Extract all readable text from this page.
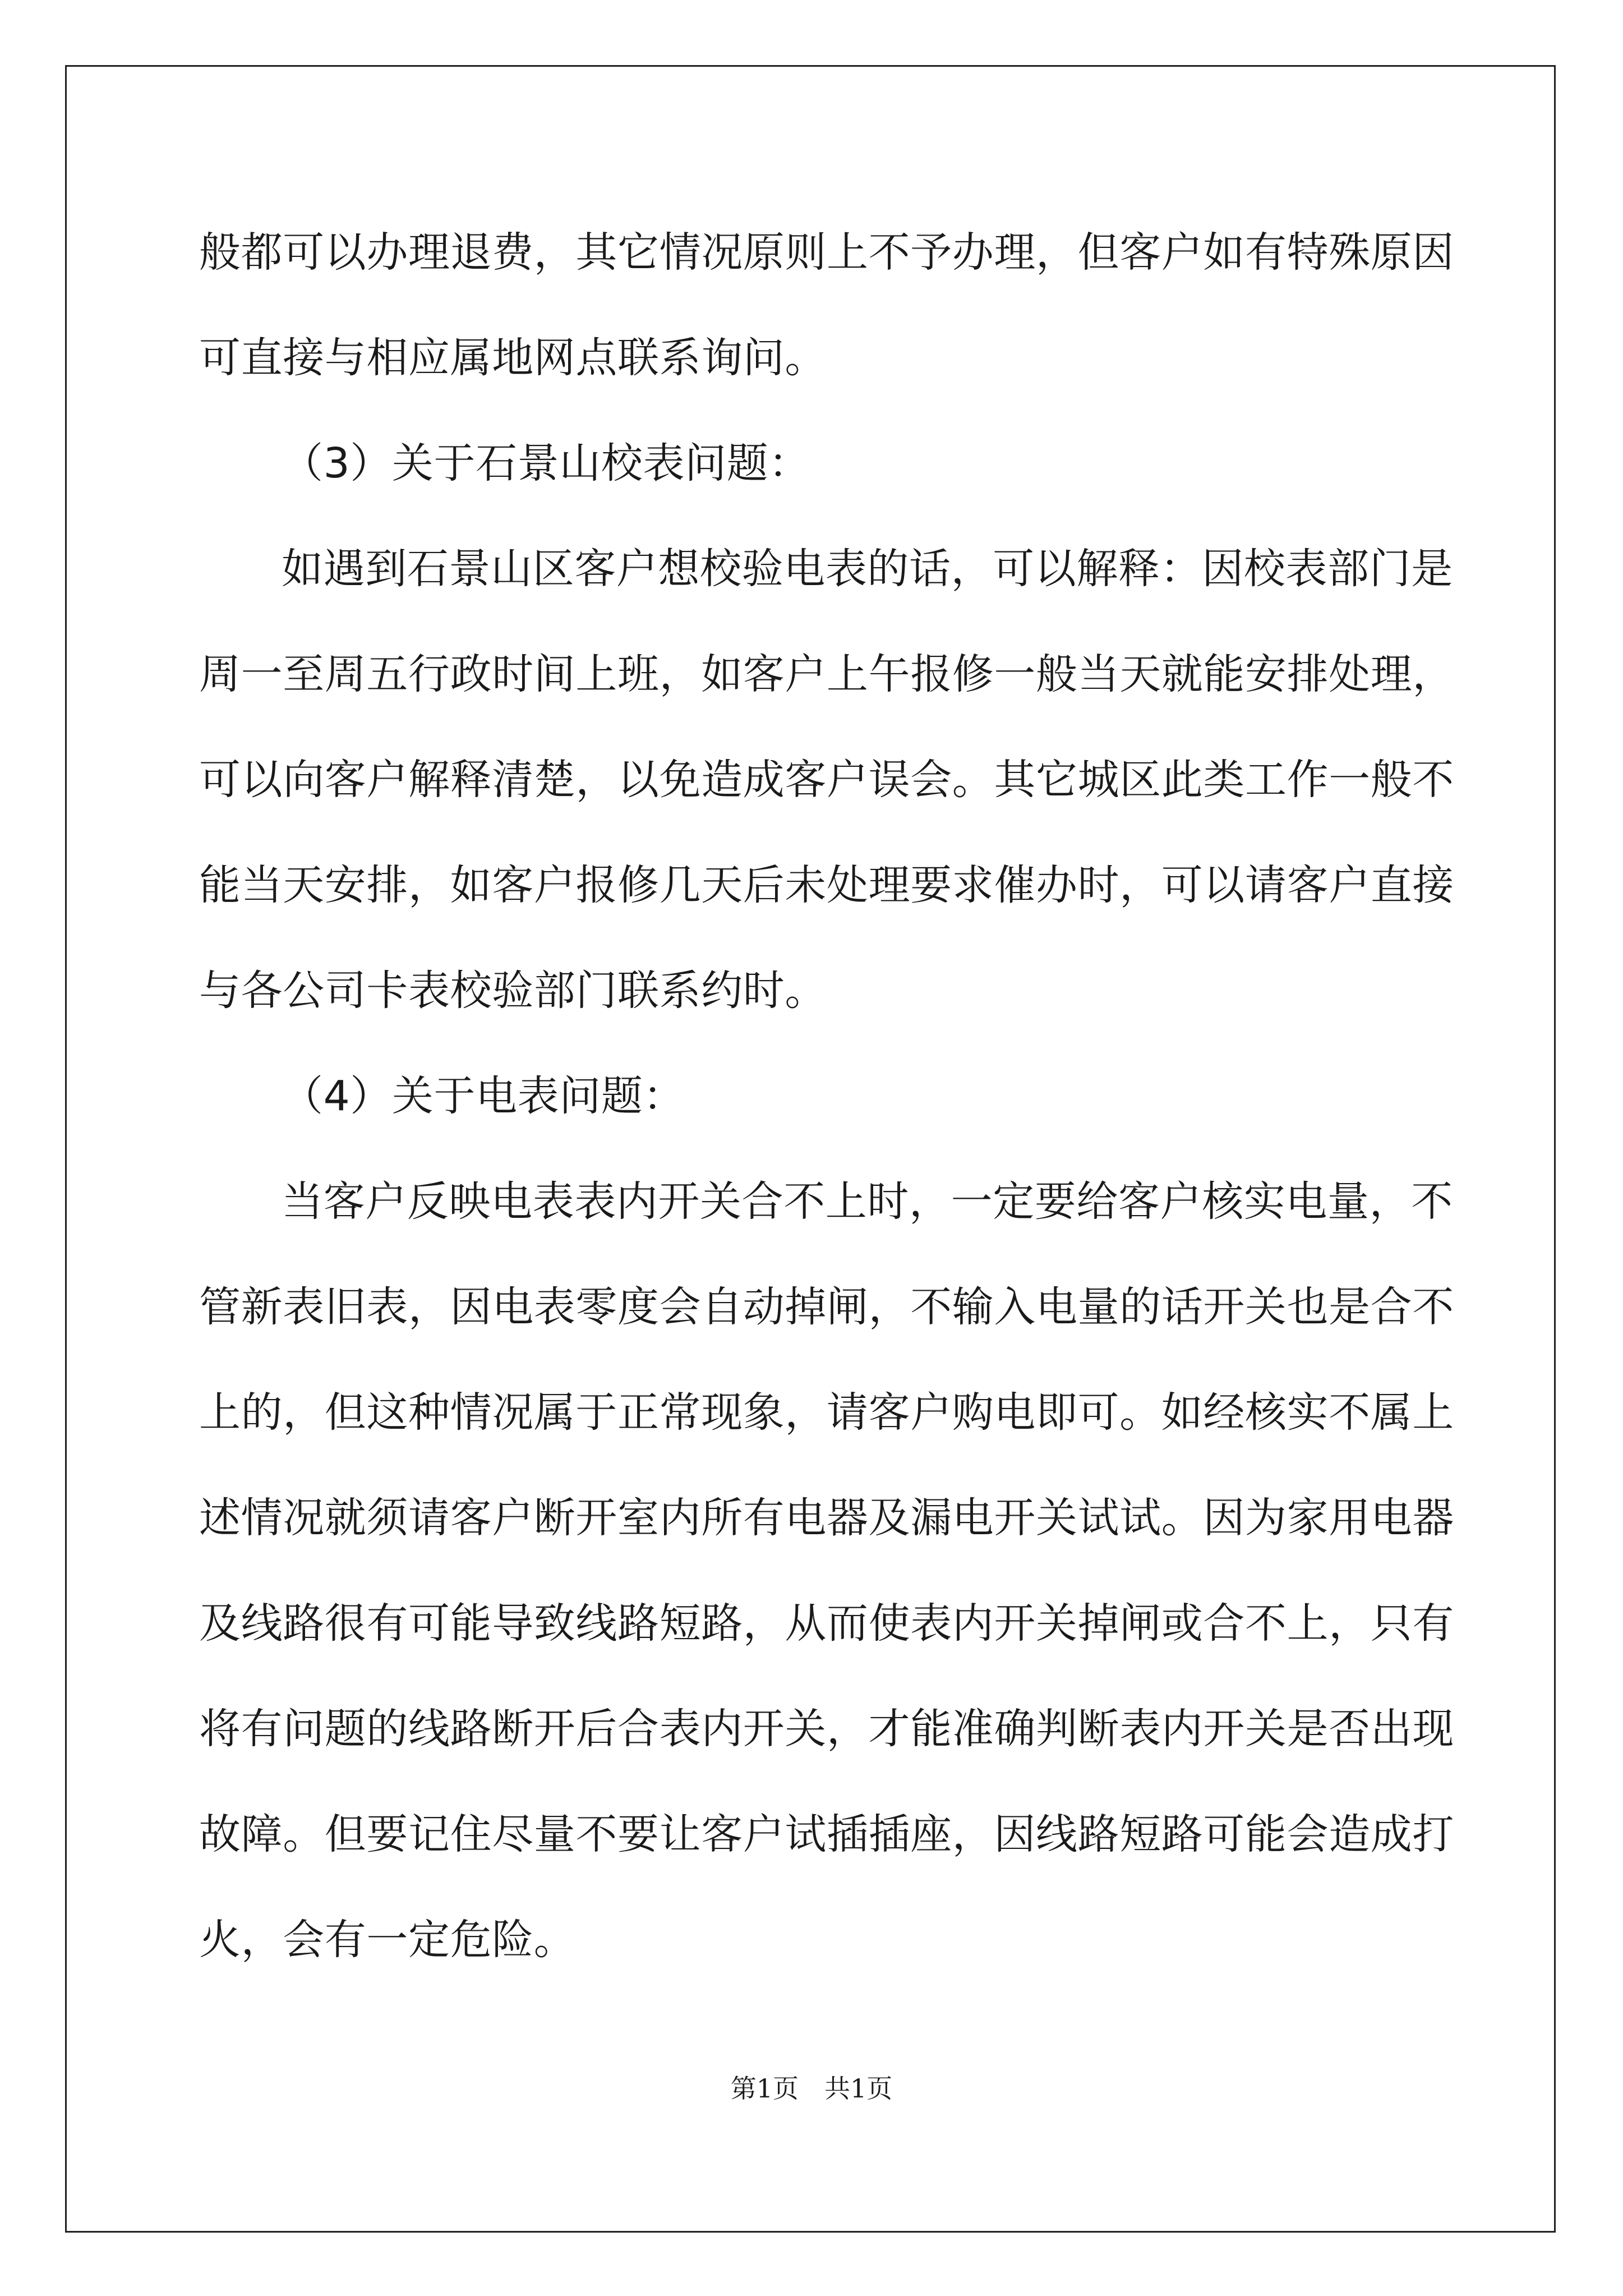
般都可以办理退费，其它情况原则上不予办理，但客户如有特殊原因
可直接与相应属地网点联系询问。
（3）关于石景山校表问题：
如遇到石景山区客户想校验电表的话，可以解释：因校表部门是
周一至周五行政时间上班，如客户上午报修一般当天就能安排处理，
可以向客户解释清楚，以免造成客户误会。其它城区此类工作一般不
能当天安排，如客户报修几天后未处理要求催办时，可以请客户直接
与各公司卡表校验部门联系约时。
（4）关于电表问题：
当客户反映电表表内开关合不上时，一定要给客户核实电量，不
管新表旧表，因电表零度会自动掉闸，不输入电量的话开关也是合不
上的，但这种情况属于正常现象，请客户购电即可。如经核实不属上
述情况就须请客户断开室内所有电器及漏电开关试试。因为家用电器
及线路很有可能导致线路短路，从而使表内开关掉闸或合不上，只有
将有问题的线路断开后合表内开关，才能准确判断表内开关是否出现
故障。但要记住尽量不要让客户试插插座，因线路短路可能会造成打
火，会有一定危险。
第1页　共1页
